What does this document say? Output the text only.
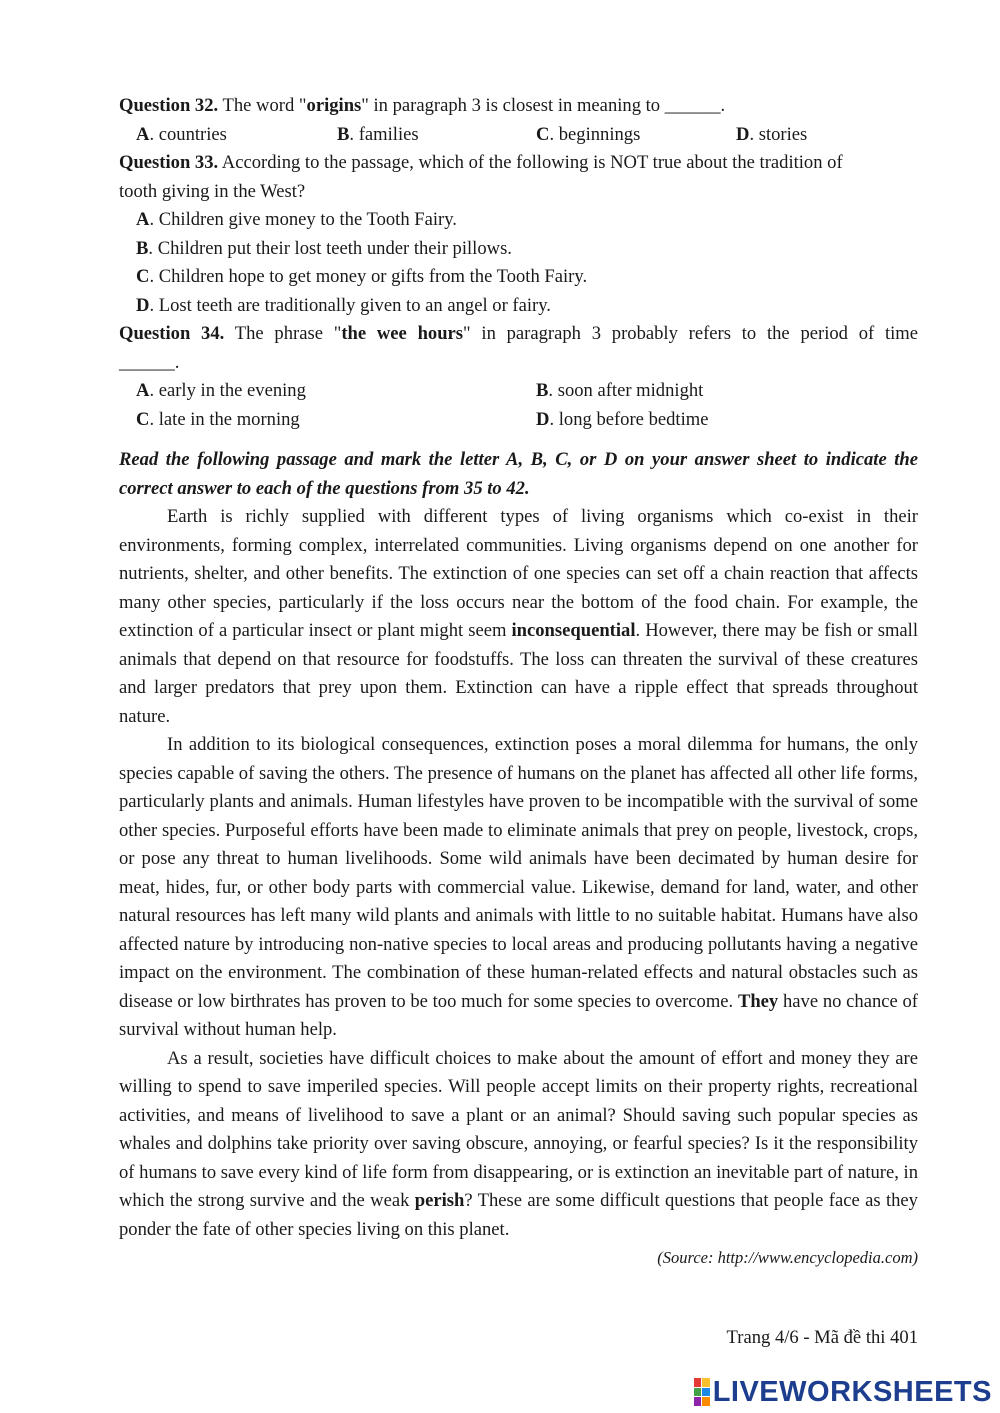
Question 32. The word "origins" in paragraph 3 is closest in meaning to ______.
A. countries	B. families	C. beginnings	D. stories
Question 33. According to the passage, which of the following is NOT true about the tradition of
tooth giving in the West?
A. Children give money to the Tooth Fairy.
B. Children put their lost teeth under their pillows.
C. Children hope to get money or gifts from the Tooth Fairy.
D. Lost teeth are traditionally given to an angel or fairy.
Question 34. The phrase "the wee hours" in paragraph 3 probably refers to the period of time
______.
A. early in the evening	B. soon after midnight
C. late in the morning	D. long before bedtime
Read the following passage and mark the letter A, B, C, or D on your answer sheet to indicate the
correct answer to each of the questions from 35 to 42.

Earth is richly supplied with different types of living organisms which co-exist in their environments, forming complex, interrelated communities. Living organisms depend on one another for nutrients, shelter, and other benefits. The extinction of one species can set off a chain reaction that affects many other species, particularly if the loss occurs near the bottom of the food chain. For example, the extinction of a particular insect or plant might seem inconsequential. However, there may be fish or small animals that depend on that resource for foodstuffs. The loss can threaten the survival of these creatures and larger predators that prey upon them. Extinction can have a ripple effect that spreads throughout nature.

In addition to its biological consequences, extinction poses a moral dilemma for humans, the only species capable of saving the others. The presence of humans on the planet has affected all other life forms, particularly plants and animals. Human lifestyles have proven to be incompatible with the survival of some other species. Purposeful efforts have been made to eliminate animals that prey on people, livestock, crops, or pose any threat to human livelihoods. Some wild animals have been decimated by human desire for meat, hides, fur, or other body parts with commercial value. Likewise, demand for land, water, and other natural resources has left many wild plants and animals with little to no suitable habitat. Humans have also affected nature by introducing non-native species to local areas and producing pollutants having a negative impact on the environment. The combination of these human-related effects and natural obstacles such as disease or low birthrates has proven to be too much for some species to overcome. They have no chance of survival without human help.

As a result, societies have difficult choices to make about the amount of effort and money they are willing to spend to save imperiled species. Will people accept limits on their property rights, recreational activities, and means of livelihood to save a plant or an animal? Should saving such popular species as whales and dolphins take priority over saving obscure, annoying, or fearful species? Is it the responsibility of humans to save every kind of life form from disappearing, or is extinction an inevitable part of nature, in which the strong survive and the weak perish? These are some difficult questions that people face as they ponder the fate of other species living on this planet.

(Source: http://www.encyclopedia.com)
Trang 4/6 - Mã đề thi 401
LIVEWORKSHEETS
